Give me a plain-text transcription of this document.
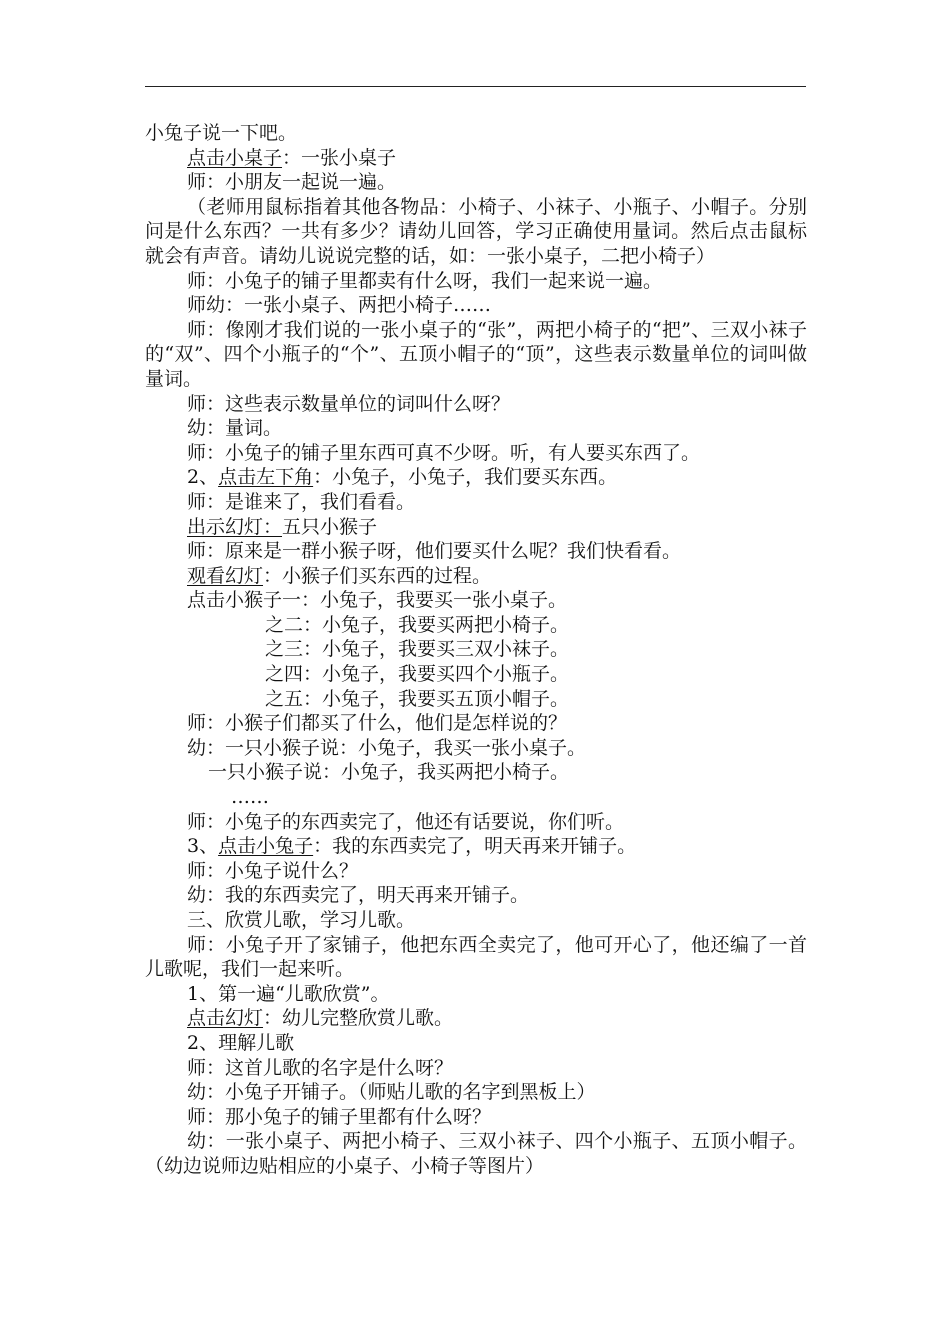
小兔子说一下吧。

点击小桌子：一张小桌子

师：小朋友一起说一遍。

（老师用鼠标指着其他各物品：小椅子、小袜子、小瓶子、小帽子。分别问是什么东西？一共有多少？请幼儿回答，学习正确使用量词。然后点击鼠标就会有声音。请幼儿说说完整的话，如：一张小桌子，二把小椅子）

师：小兔子的铺子里都卖有什么呀，我们一起来说一遍。

师幼：一张小桌子、两把小椅子……

师：像刚才我们说的一张小桌子的“张”，两把小椅子的“把”、三双小袜子的“双”、四个小瓶子的“个”、五顶小帽子的“顶”，这些表示数量单位的词叫做量词。

师：这些表示数量单位的词叫什么呀？

幼：量词。

师：小兔子的铺子里东西可真不少呀。听，有人要买东西了。

2、点击左下角：小兔子，小兔子，我们要买东西。

师：是谁来了，我们看看。

出示幻灯：五只小猴子

师：原来是一群小猴子呀，他们要买什么呢？我们快看看。

观看幻灯：小猴子们买东西的过程。

点击小猴子一：小兔子，我要买一张小桌子。

之二：小兔子，我要买两把小椅子。

之三：小兔子，我要买三双小袜子。

之四：小兔子，我要买四个小瓶子。

之五：小兔子，我要买五顶小帽子。

师：小猴子们都买了什么，他们是怎样说的？

幼：一只小猴子说：小兔子，我买一张小桌子。

一只小猴子说：小兔子，我买两把小椅子。

……

师：小兔子的东西卖完了，他还有话要说，你们听。

3、点击小兔子：我的东西卖完了，明天再来开铺子。

师：小兔子说什么？

幼：我的东西卖完了，明天再来开铺子。

三、欣赏儿歌，学习儿歌。

师：小兔子开了家铺子，他把东西全卖完了，他可开心了，他还编了一首儿歌呢，我们一起来听。

1、第一遍“儿歌欣赏”。

点击幻灯：幼儿完整欣赏儿歌。

2、理解儿歌

师：这首儿歌的名字是什么呀？

幼：小兔子开铺子。（师贴儿歌的名字到黑板上）

师：那小兔子的铺子里都有什么呀？

幼：一张小桌子、两把小椅子、三双小袜子、四个小瓶子、五顶小帽子。（幼边说师边贴相应的小桌子、小椅子等图片）
